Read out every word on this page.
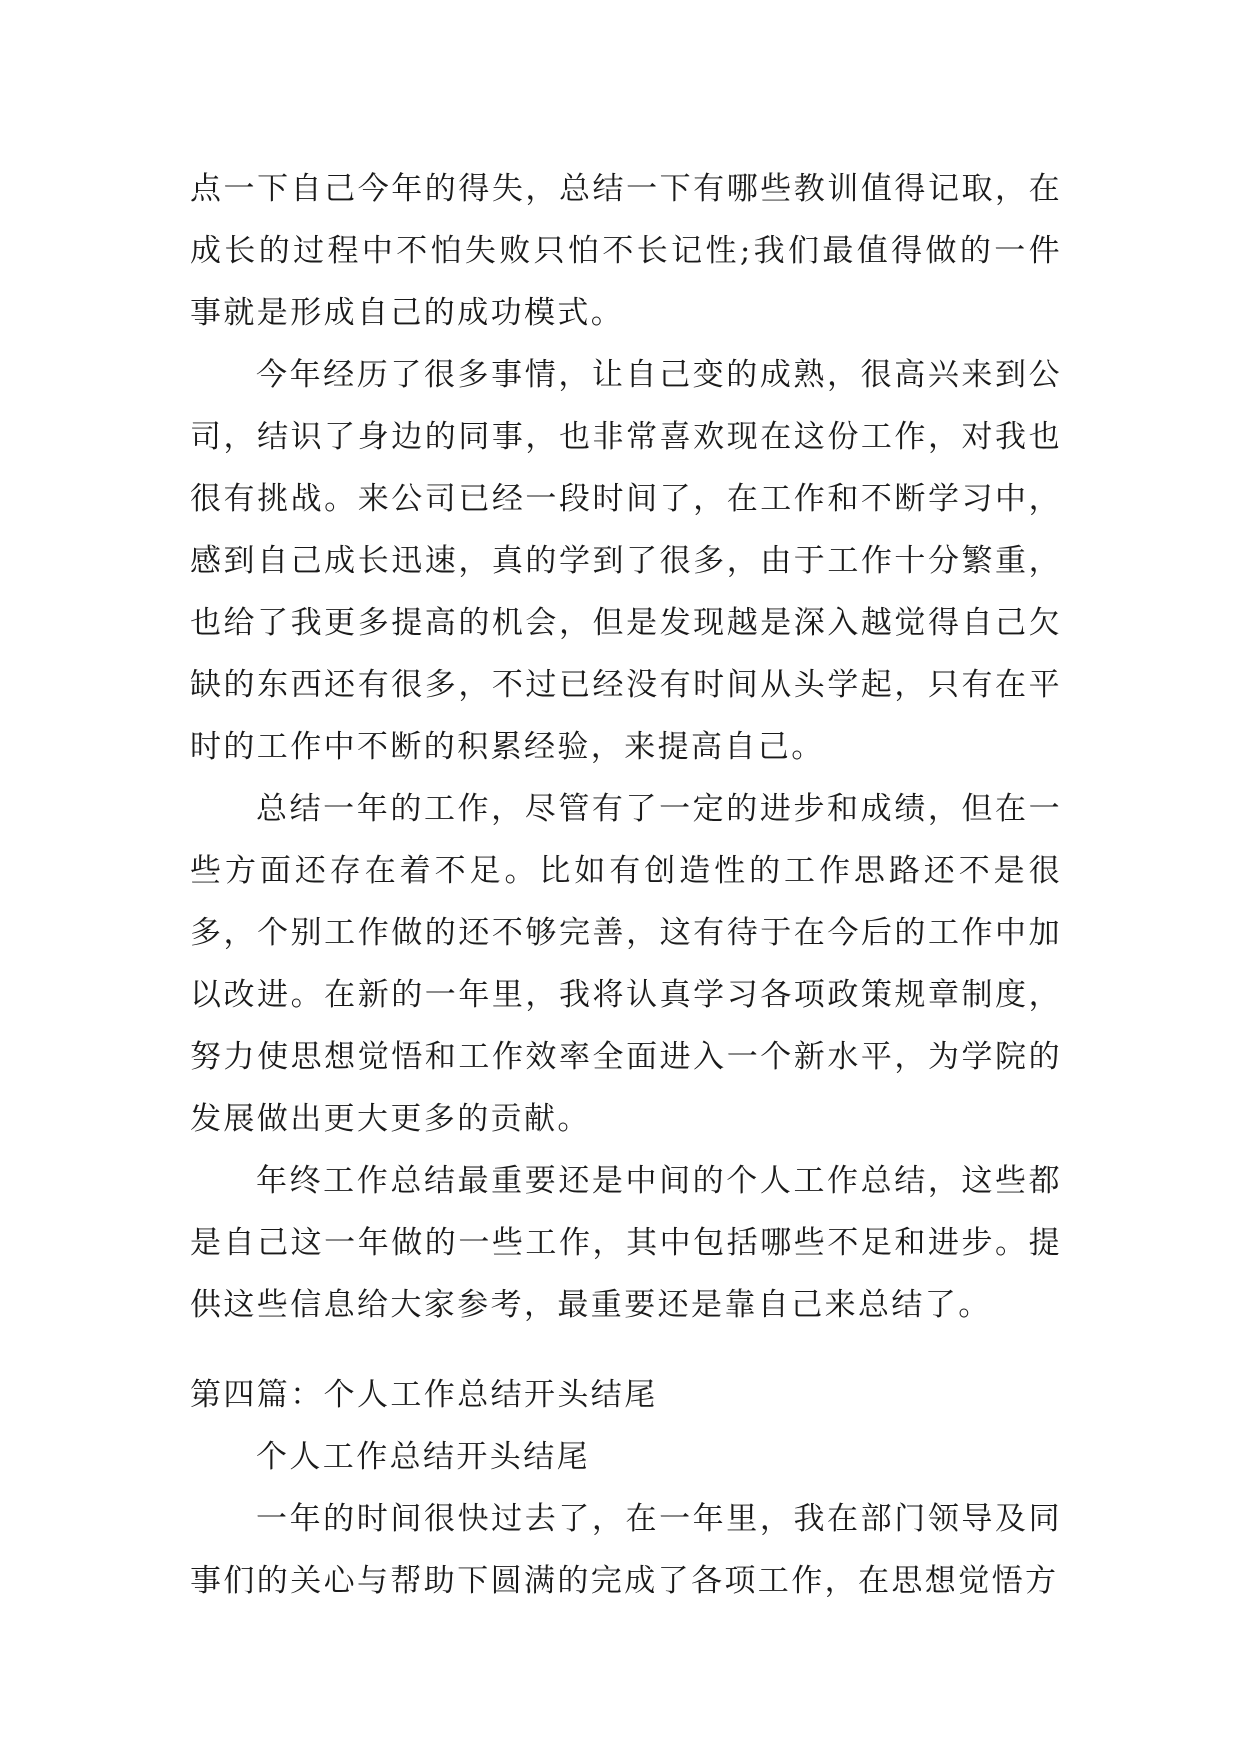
点一下自己今年的得失，总结一下有哪些教训值得记取，在成长的过程中不怕失败只怕不长记性;我们最值得做的一件事就是形成自己的成功模式。

今年经历了很多事情，让自己变的成熟，很高兴来到公司，结识了身边的同事，也非常喜欢现在这份工作，对我也很有挑战。来公司已经一段时间了，在工作和不断学习中，感到自己成长迅速，真的学到了很多，由于工作十分繁重，也给了我更多提高的机会，但是发现越是深入越觉得自己欠缺的东西还有很多，不过已经没有时间从头学起，只有在平时的工作中不断的积累经验，来提高自己。

总结一年的工作，尽管有了一定的进步和成绩，但在一些方面还存在着不足。比如有创造性的工作思路还不是很多，个别工作做的还不够完善，这有待于在今后的工作中加以改进。在新的一年里，我将认真学习各项政策规章制度，努力使思想觉悟和工作效率全面进入一个新水平，为学院的发展做出更大更多的贡献。

年终工作总结最重要还是中间的个人工作总结，这些都是自己这一年做的一些工作，其中包括哪些不足和进步。提供这些信息给大家参考，最重要还是靠自己来总结了。

第四篇：个人工作总结开头结尾

个人工作总结开头结尾

一年的时间很快过去了，在一年里，我在部门领导及同事们的关心与帮助下圆满的完成了各项工作，在思想觉悟方
